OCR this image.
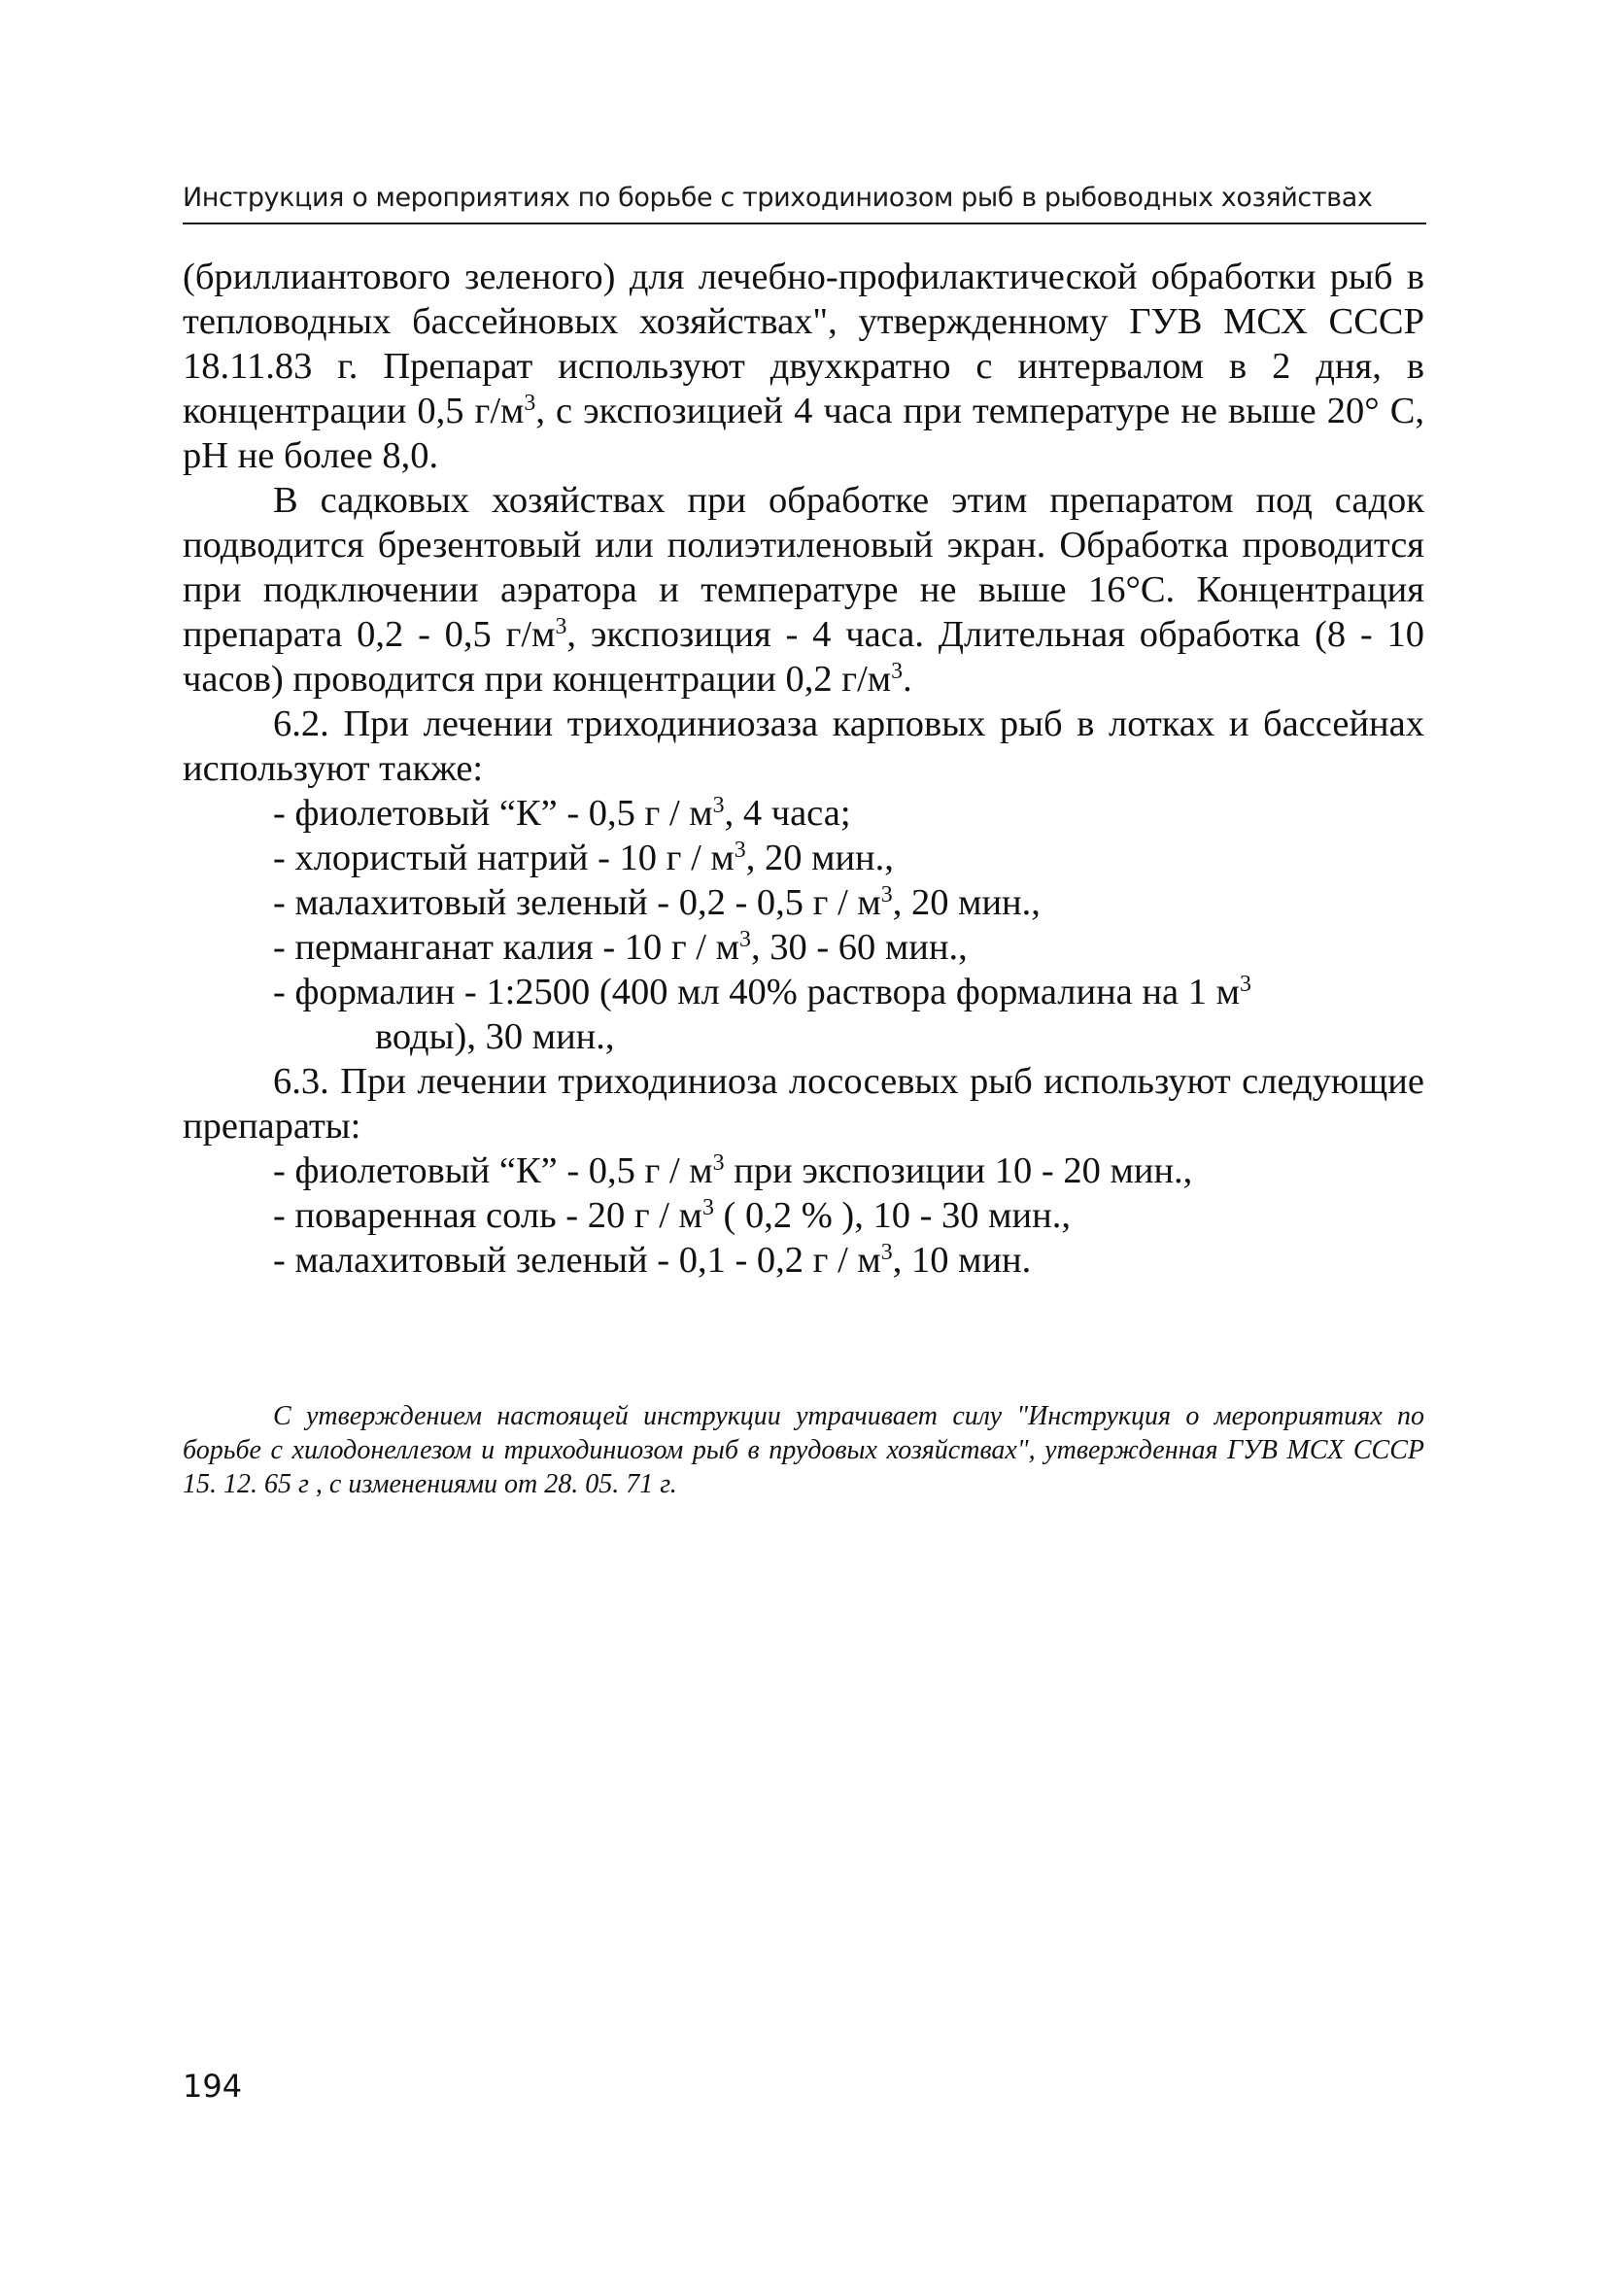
Инструкция о мероприятиях по борьбе с триходиниозом рыб в рыбоводных хозяйствах

(бриллиантового зеленого) для лечебно-профилактической обработки рыб в тепловодных бассейновых хозяйствах", утвержденному ГУВ МСХ СССР 18.11.83 г. Препарат используют двухкратно с интервалом в 2 дня, в концентрации 0,5 $г/м^3$, с экспозицией 4 часа при температуре не выше 20° С, pH не более 8,0.

В садковых хозяйствах при обработке этим препаратом под садок подводится брезентовый или полиэтиленовый экран. Обработка проводится при подключении аэратора и температуре не выше 16°С. Концентрация препарата 0,2 - 0,5 $г/м^3$, экспозиция - 4 часа. Длительная обработка (8 - 10 часов) проводится при концентрации 0,2 $г/м^3$.

6.2. При лечении триходиниозаза карповых рыб в лотках и бассейнах используют также:

- фиолетовый “К” - 0,5 г / $м^3$, 4 часа;
- хлористый натрий - 10 г / $м^3$, 20 мин.,
- малахитовый зеленый - 0,2 - 0,5 г / $м^3$, 20 мин.,
- перманганат калия - 10 г / $м^3$, 30 - 60 мин.,
- формалин - 1:2500 (400 мл 40% раствора формалина на 1 $м^3$
воды), 30 мин.,

6.3. При лечении триходиниоза лососевых рыб используют следующие препараты:

- фиолетовый “К” - 0,5 г / $м^3$ при экспозиции 10 - 20 мин.,
- поваренная соль - 20 г / $м^3$ ( 0,2 % ), 10 - 30 мин.,
- малахитовый зеленый - 0,1 - 0,2 г / $м^3$, 10 мин.
С утверждением настоящей инструкции утрачивает силу "Инструкция о мероприятиях по борьбе с хилодонеллезом и триходиниозом рыб в прудовых хозяйствах", утвержденная ГУВ МСХ СССР 15. 12. 65 г , с изменениями от 28. 05. 71 г.
194
